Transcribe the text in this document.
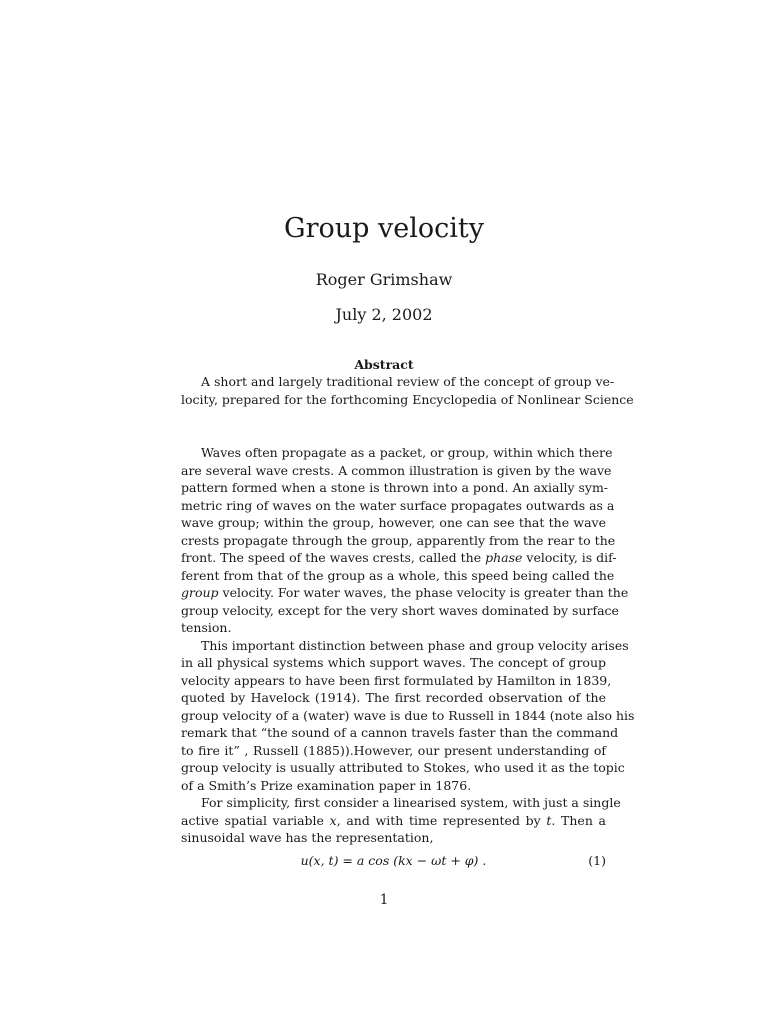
Group velocity
Roger Grimshaw
July 2, 2002
Abstract
A short and largely traditional review of the concept of group ve-
locity, prepared for the forthcoming Encyclopedia of Nonlinear Science
Waves often propagate as a packet, or group, within which there
are several wave crests. A common illustration is given by the wave
pattern formed when a stone is thrown into a pond. An axially sym-
metric ring of waves on the water surface propagates outwards as a
wave group; within the group, however, one can see that the wave
crests propagate through the group, apparently from the rear to the
front. The speed of the waves crests, called the phase velocity, is dif-
ferent from that of the group as a whole, this speed being called the
group velocity. For water waves, the phase velocity is greater than the
group velocity, except for the very short waves dominated by surface
tension.
This important distinction between phase and group velocity arises
in all physical systems which support waves. The concept of group
velocity appears to have been first formulated by Hamilton in 1839,
quoted by Havelock (1914). The first recorded observation of the
group velocity of a (water) wave is due to Russell in 1844 (note also his
remark that “the sound of a cannon travels faster than the command
to fire it” , Russell (1885)).However, our present understanding of
group velocity is usually attributed to Stokes, who used it as the topic
of a Smith’s Prize examination paper in 1876.
For simplicity, first consider a linearised system, with just a single
active spatial variable x, and with time represented by t. Then a
sinusoidal wave has the representation,
u(x, t) = a cos (kx − ωt + φ) .	(1)
1
